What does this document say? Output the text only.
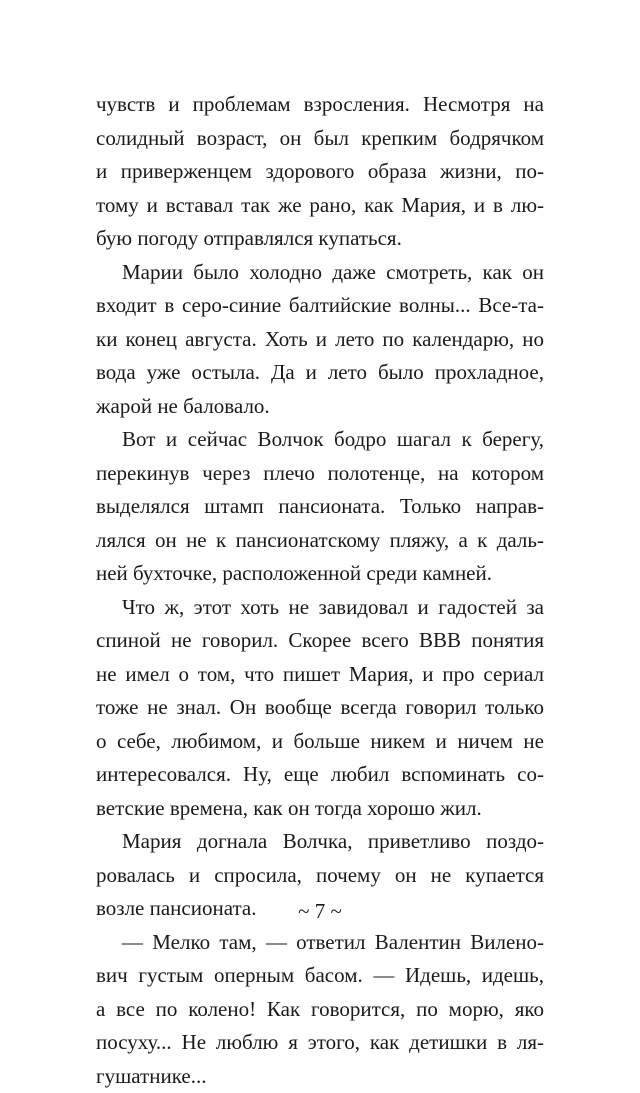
чувств и проблемам взросления. Несмотря на
солидный возраст, он был крепким бодрячком
и приверженцем здорового образа жизни, по-
тому и вставал так же рано, как Мария, и в лю-
бую погоду отправлялся купаться.
Марии было холодно даже смотреть, как он
входит в серо-синие балтийские волны... Все-та-
ки конец августа. Хоть и лето по календарю, но
вода уже остыла. Да и лето было прохладное,
жарой не баловало.
Вот и сейчас Волчок бодро шагал к берегу,
перекинув через плечо полотенце, на котором
выделялся штамп пансионата. Только направ-
лялся он не к пансионатскому пляжу, а к даль-
ней бухточке, расположенной среди камней.
Что ж, этот хоть не завидовал и гадостей за
спиной не говорил. Скорее всего ВВВ понятия
не имел о том, что пишет Мария, и про сериал
тоже не знал. Он вообще всегда говорил только
о себе, любимом, и больше никем и ничем не
интересовался. Ну, еще любил вспоминать со-
ветские времена, как он тогда хорошо жил.
Мария догнала Волчка, приветливо поздо-
ровалась и спросила, почему он не купается
возле пансионата.
— Мелко там, — ответил Валентин Виленo-
вич густым оперным басом. — Идешь, идешь,
а все по колено! Как говорится, по морю, яко
посуху... Не люблю я этого, как детишки в ля-
гушатнике...
~ 7 ~
